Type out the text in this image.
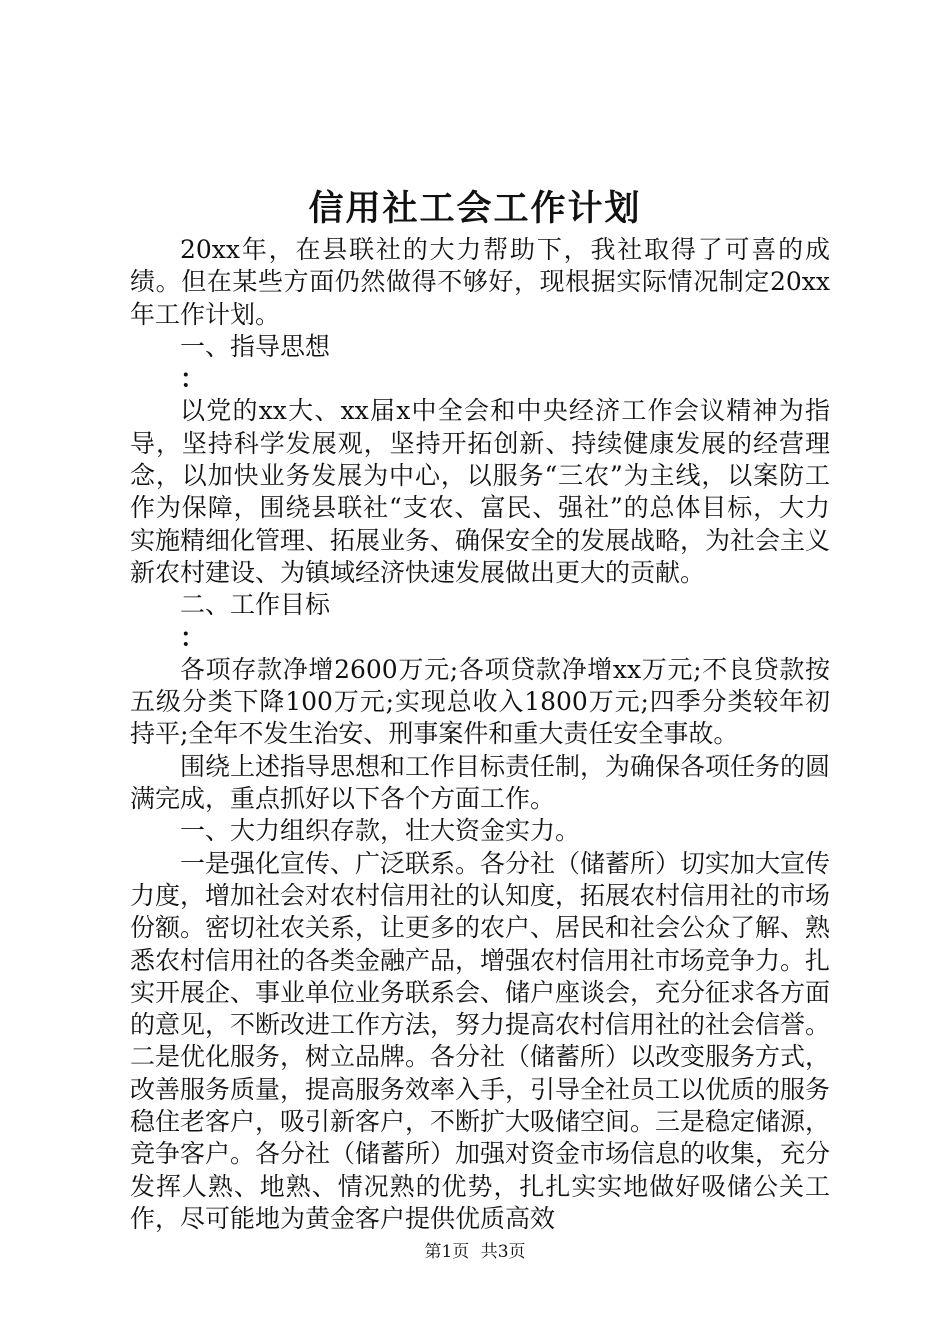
信用社工会工作计划

20xx年，在县联社的大力帮助下，我社取得了可喜的成绩。但在某些方面仍然做得不够好，现根据实际情况制定20xx年工作计划。

一、指导思想

：

以党的xx大、xx届x中全会和中央经济工作会议精神为指导，坚持科学发展观，坚持开拓创新、持续健康发展的经营理念，以加快业务发展为中心，以服务“三农”为主线，以案防工作为保障，围绕县联社“支农、富民、强社”的总体目标，大力实施精细化管理、拓展业务、确保安全的发展战略，为社会主义新农村建设、为镇域经济快速发展做出更大的贡献。

二、工作目标

：

各项存款净增2600万元;各项贷款净增xx万元;不良贷款按五级分类下降100万元;实现总收入1800万元;四季分类较年初持平;全年不发生治安、刑事案件和重大责任安全事故。

围绕上述指导思想和工作目标责任制，为确保各项任务的圆满完成，重点抓好以下各个方面工作。

一、大力组织存款，壮大资金实力。

一是强化宣传、广泛联系。各分社（储蓄所）切实加大宣传力度，增加社会对农村信用社的认知度，拓展农村信用社的市场份额。密切社农关系，让更多的农户、居民和社会公众了解、熟悉农村信用社的各类金融产品，增强农村信用社市场竞争力。扎实开展企、事业单位业务联系会、储户座谈会，充分征求各方面的意见，不断改进工作方法，努力提高农村信用社的社会信誉。二是优化服务，树立品牌。各分社（储蓄所）以改变服务方式，改善服务质量，提高服务效率入手，引导全社员工以优质的服务稳住老客户，吸引新客户，不断扩大吸储空间。三是稳定储源，竞争客户。各分社（储蓄所）加强对资金市场信息的收集，充分发挥人熟、地熟、情况熟的优势，扎扎实实地做好吸储公关工作，尽可能地为黄金客户提供优质高效

第1页 共3页
